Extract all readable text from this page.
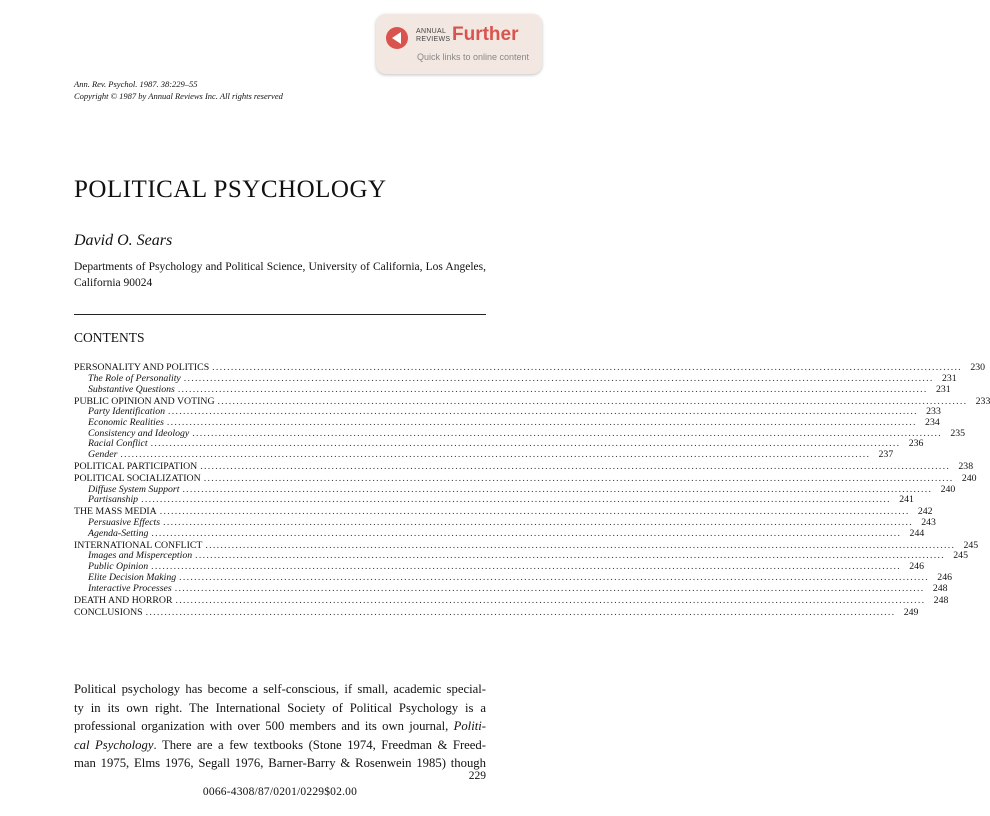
ANNUAL
REVIEWS Further
Quick links to online content
Ann. Rev. Psychol. 1987. 38:229–55
Copyright © 1987 by Annual Reviews Inc. All rights reserved
POLITICAL PSYCHOLOGY
David O. Sears
Departments of Psychology and Political Science, University of California, Los Angeles, California 90024
CONTENTS
PERSONALITY AND POLITICS ........................................................................................................................................................................................................ 230
The Role of Personality ........................................................................................................................................................................................................ 231
Substantive Questions ........................................................................................................................................................................................................ 231
PUBLIC OPINION AND VOTING ........................................................................................................................................................................................................ 233
Party Identification ........................................................................................................................................................................................................ 233
Economic Realities ........................................................................................................................................................................................................ 234
Consistency and Ideology ........................................................................................................................................................................................................ 235
Racial Conflict ........................................................................................................................................................................................................ 236
Gender ........................................................................................................................................................................................................ 237
POLITICAL PARTICIPATION ........................................................................................................................................................................................................ 238
POLITICAL SOCIALIZATION ........................................................................................................................................................................................................ 240
Diffuse System Support ........................................................................................................................................................................................................ 240
Partisanship ........................................................................................................................................................................................................ 241
THE MASS MEDIA ........................................................................................................................................................................................................ 242
Persuasive Effects ........................................................................................................................................................................................................ 243
Agenda-Setting ........................................................................................................................................................................................................ 244
INTERNATIONAL CONFLICT ........................................................................................................................................................................................................ 245
Images and Misperception ........................................................................................................................................................................................................ 245
Public Opinion ........................................................................................................................................................................................................ 246
Elite Decision Making ........................................................................................................................................................................................................ 246
Interactive Processes ........................................................................................................................................................................................................ 248
DEATH AND HORROR ........................................................................................................................................................................................................ 248
CONCLUSIONS ........................................................................................................................................................................................................ 249
Political psychology has become a self-conscious, if small, academic special-
ty in its own right. The International Society of Political Psychology is a
professional organization with over 500 members and its own journal, Politi-
cal Psychology. There are a few textbooks (Stone 1974, Freedman & Freed-
man 1975, Elms 1976, Segall 1976, Barner-Barry & Rosenwein 1985) though
229
0066-4308/87/0201/0229$02.00
